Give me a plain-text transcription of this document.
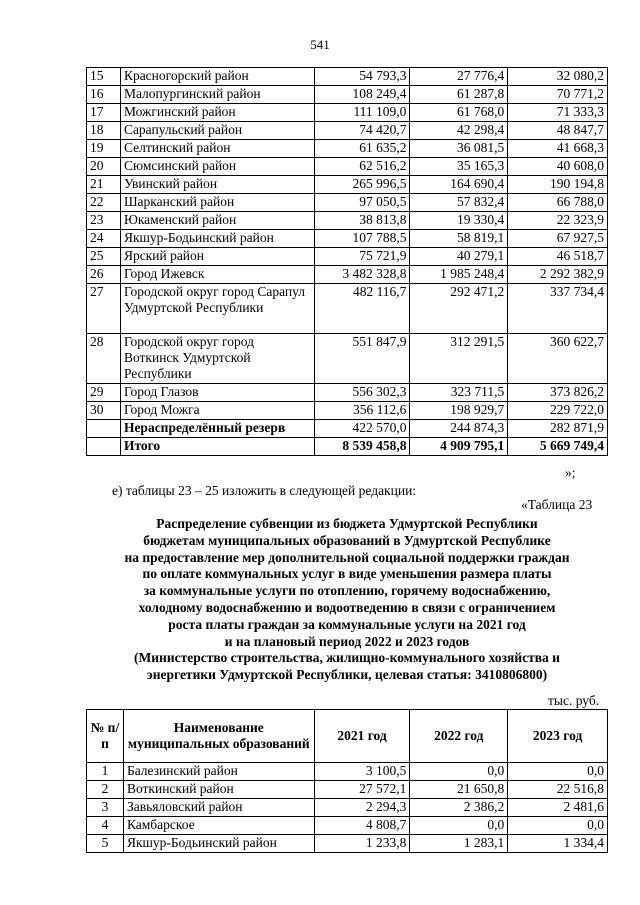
541
15	Красногорский район	54 793,3	27 776,4	32 080,2
16	Малопургинский район	108 249,4	61 287,8	70 771,2
17	Можгинский район	111 109,0	61 768,0	71 333,3
18	Сарапульский район	74 420,7	42 298,4	48 847,7
19	Селтинский район	61 635,2	36 081,5	41 668,3
20	Сюмсинский район	62 516,2	35 165,3	40 608,0
21	Увинский район	265 996,5	164 690,4	190 194,8
22	Шарканский район	97 050,5	57 832,4	66 788,0
23	Юкаменский район	38 813,8	19 330,4	22 323,9
24	Якшур-Бодьинский район	107 788,5	58 819,1	67 927,5
25	Ярский район	75 721,9	40 279,1	46 518,7
26	Город Ижевск	3 482 328,8	1 985 248,4	2 292 382,9
27	Городской округ город Сарапул Удмуртской Республики	482 116,7	292 471,2	337 734,4
28	Городской округ город Воткинск Удмуртской Республики	551 847,9	312 291,5	360 622,7
29	Город Глазов	556 302,3	323 711,5	373 826,2
30	Город Можга	356 112,6	198 929,7	229 722,0
	Нераспределённый резерв	422 570,0	244 874,3	282 871,9
	Итого	8 539 458,8	4 909 795,1	5 669 749,4
»;
е) таблицы 23 – 25 изложить в следующей редакции:
«Таблица 23
Распределение субвенции из бюджета Удмуртской Республики
бюджетам муниципальных образований в Удмуртской Республике
на предоставление мер дополнительной социальной поддержки граждан
по оплате коммунальных услуг в виде уменьшения размера платы
за коммунальные услуги по отоплению, горячему водоснабжению,
холодному водоснабжению и водоотведению в связи с ограничением
роста платы граждан за коммунальные услуги на 2021 год
и на плановый период 2022 и 2023 годов
(Министерство строительства, жилищно-коммунального хозяйства и
энергетики Удмуртской Республики, целевая статья: 3410806800)
тыс. руб.
№ п/п	Наименование муниципальных образований	2021 год	2022 год	2023 год
1	Балезинский район	3 100,5	0,0	0,0
2	Воткинский район	27 572,1	21 650,8	22 516,8
3	Завьяловский район	2 294,3	2 386,2	2 481,6
4	Камбарское	4 808,7	0,0	0,0
5	Якшур-Бодьинский район	1 233,8	1 283,1	1 334,4
